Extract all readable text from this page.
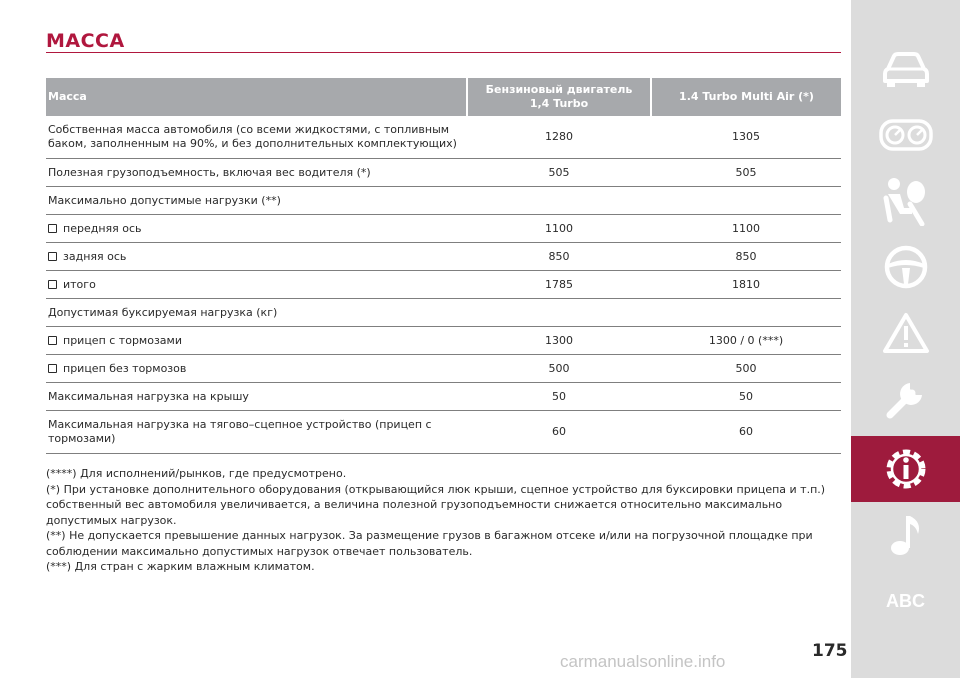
МАССА
Масса	Бензиновый двигатель 1,4 Turbo	1.4 Turbo Multi Air (*)
Собственная масса автомобиля (со всеми жидкостями, с топливным баком, заполненным на 90%, и без дополнительных комплектующих)	1280	1305
Полезная грузоподъемность, включая вес водителя (*)	505	505
Максимально допустимые нагрузки (**)		
передняя ось	1100	1100
задняя ось	850	850
итого	1785	1810
Допустимая буксируемая нагрузка (кг)		
прицеп с тормозами	1300	1300 / 0 (***)
прицеп без тормозов	500	500
Максимальная нагрузка на крышу	50	50
Максимальная нагрузка на тягово–сцепное устройство (прицеп с тормозами)	60	60

(****) Для исполнений/рынков, где предусмотрено.

(*) При установке дополнительного оборудования (открывающийся люк крыши, сцепное устройство для буксировки прицепа и т.п.) собственный вес автомобиля увеличивается, а величина полезной грузоподъемности снижается относительно максимально допустимых нагрузок.

(**) Не допускается превышение данных нагрузок. За размещение грузов в багажном отсеке и/или на погрузочной площадке при соблюдении максимально допустимых нагрузок отвечает пользователь.

(***) Для стран с жарким влажным климатом.

175
carmanualsonline.info
ABC
